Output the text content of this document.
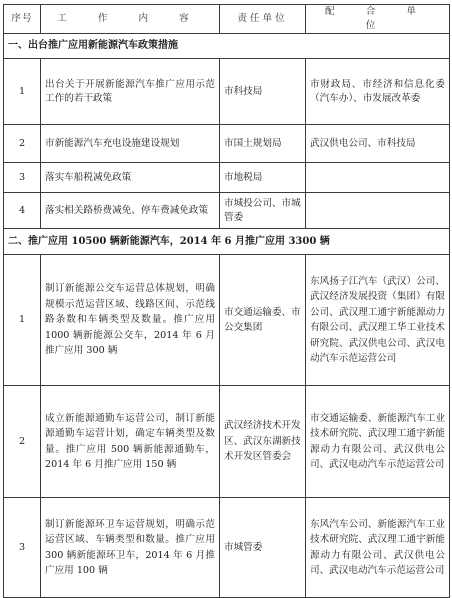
序号	工 作 内 容	责任单位	配 合 单 位
一、出台推广应用新能源汽车政策措施			
1	出台关于开展新能源汽车推广应用示范工作的若干政策	市科技局	市财政局、市经济和信息化委（汽车办）、市发展改革委
2	市新能源汽车充电设施建设规划	市国土规划局	武汉供电公司、市科技局
3	落实车船税减免政策	市地税局	
4	落实相关路桥费减免、停车费减免政策	市城投公司、市城管委	
二、推广应用 10500 辆新能源汽车，2014 年 6 月推广应用 3300 辆			
1	制订新能源公交车运营总体规划，明确规模示范运营区域、线路区间、示范线路条数和车辆类型及数量。推广应用 1000 辆新能源公交车，2014 年 6 月推广应用 300 辆	市交通运输委、市公交集团	东风扬子江汽车（武汉）公司、武汉经济发展投资（集团）有限公司、武汉理工通宇新能源动力有限公司、武汉理工华工业技术研究院、武汉供电公司、武汉电动汽车示范运营公司
2	成立新能源通勤车运营公司，制订新能源通勤车运营计划，确定车辆类型及数量。推广应用 500 辆新能源通勤车，2014 年 6 月推广应用 150 辆	武汉经济技术开发区、武汉东湖新技术开发区管委会	市交通运输委、新能源汽车工业技术研究院、武汉理工通宇新能源动力有限公司、武汉供电公司、武汉电动汽车示范运营公司
3	制订新能源环卫车运营规划，明确示范运营区域、车辆类型和数量。推广应用 300 辆新能源环卫车，2014 年 6 月推广应用 100 辆	市城管委	东风汽车公司、新能源汽车工业技术研究院、武汉理工通宇新能源动力有限公司、武汉供电公司、武汉电动汽车示范运营公司
